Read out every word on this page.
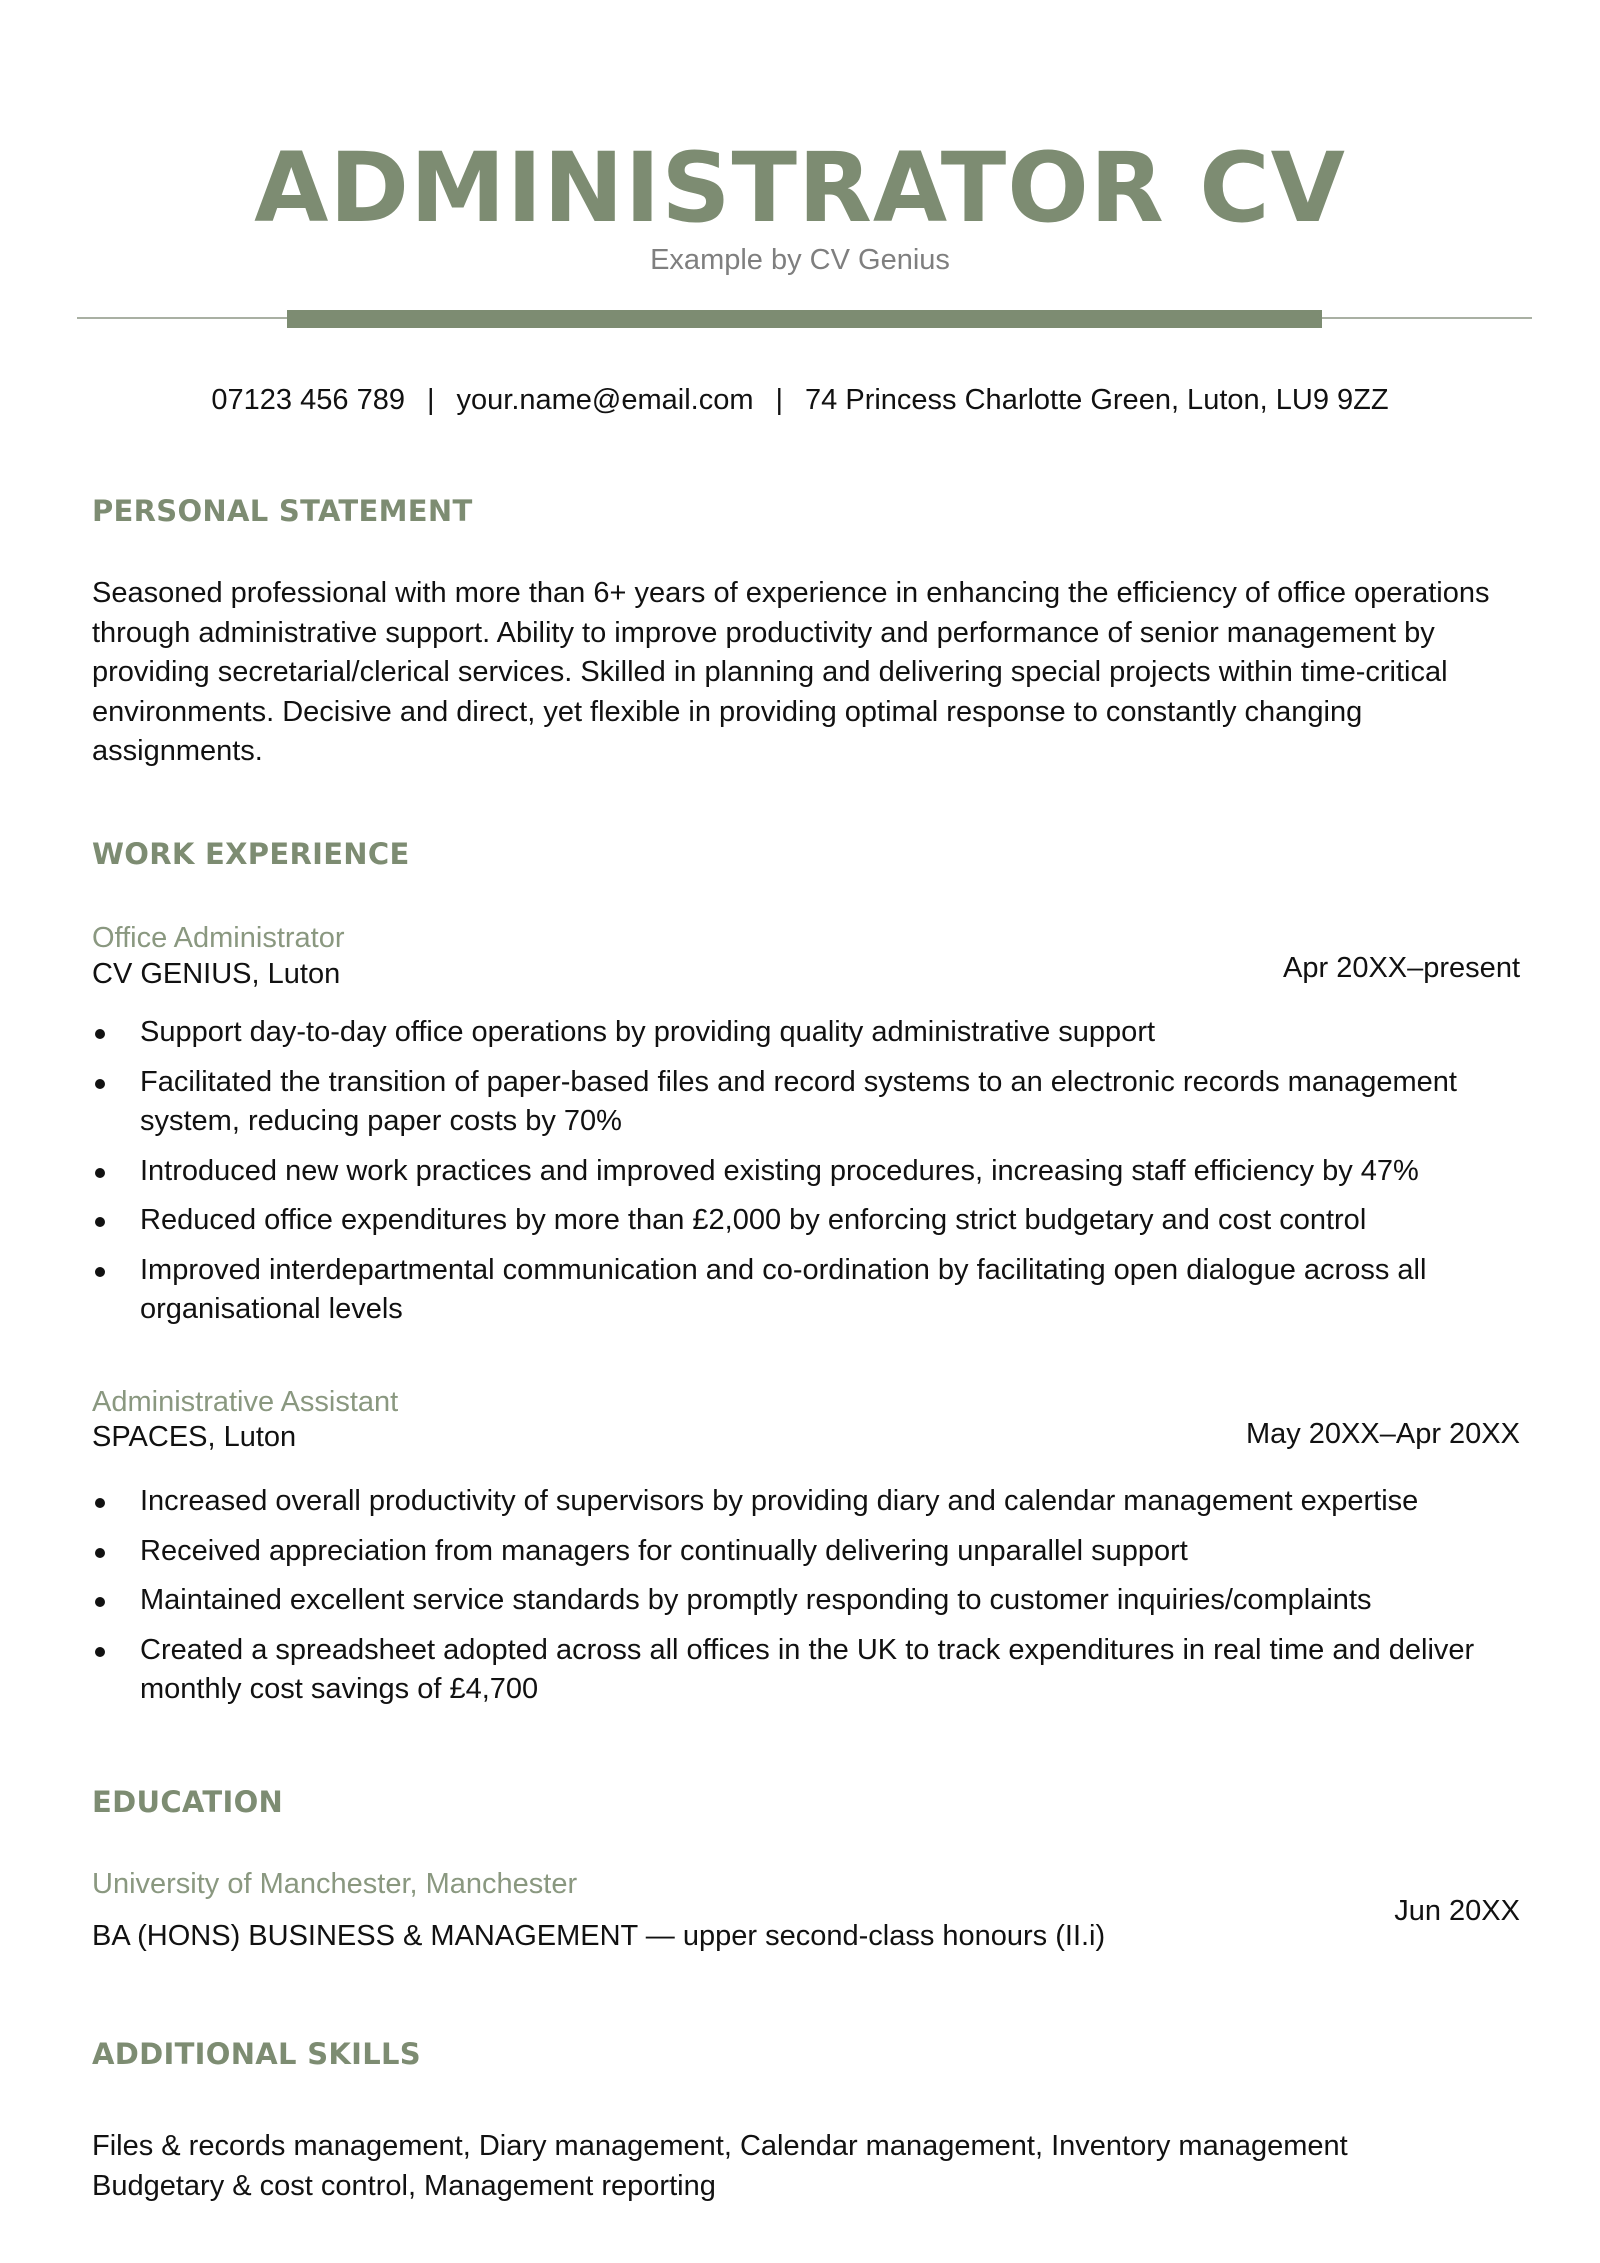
ADMINISTRATOR CV
Example by CV Genius
07123 456 789 | your.name@email.com | 74 Princess Charlotte Green, Luton, LU9 9ZZ
PERSONAL STATEMENT

Seasoned professional with more than 6+ years of experience in enhancing the efficiency of office operations through administrative support. Ability to improve productivity and performance of senior management by providing secretarial/clerical services. Skilled in planning and delivering special projects within time-critical environments. Decisive and direct, yet flexible in providing optimal response to constantly changing assignments.

WORK EXPERIENCE
Office Administrator
CV GENIUS, Luton	Apr 20XX–present
Support day-to-day office operations by providing quality administrative support
Facilitated the transition of paper-based files and record systems to an electronic records management system, reducing paper costs by 70%
Introduced new work practices and improved existing procedures, increasing staff efficiency by 47%
Reduced office expenditures by more than £2,000 by enforcing strict budgetary and cost control
Improved interdepartmental communication and co-ordination by facilitating open dialogue across all organisational levels
Administrative Assistant
SPACES, Luton	May 20XX–Apr 20XX
Increased overall productivity of supervisors by providing diary and calendar management expertise
Received appreciation from managers for continually delivering unparallel support
Maintained excellent service standards by promptly responding to customer inquiries/complaints
Created a spreadsheet adopted across all offices in the UK to track expenditures in real time and deliver monthly cost savings of £4,700
EDUCATION
University of Manchester, Manchester
Jun 20XX
BA (HONS) BUSINESS & MANAGEMENT — upper second-class honours (II.i)
ADDITIONAL SKILLS
Files & records management, Diary management, Calendar management, Inventory management
Budgetary & cost control, Management reporting
